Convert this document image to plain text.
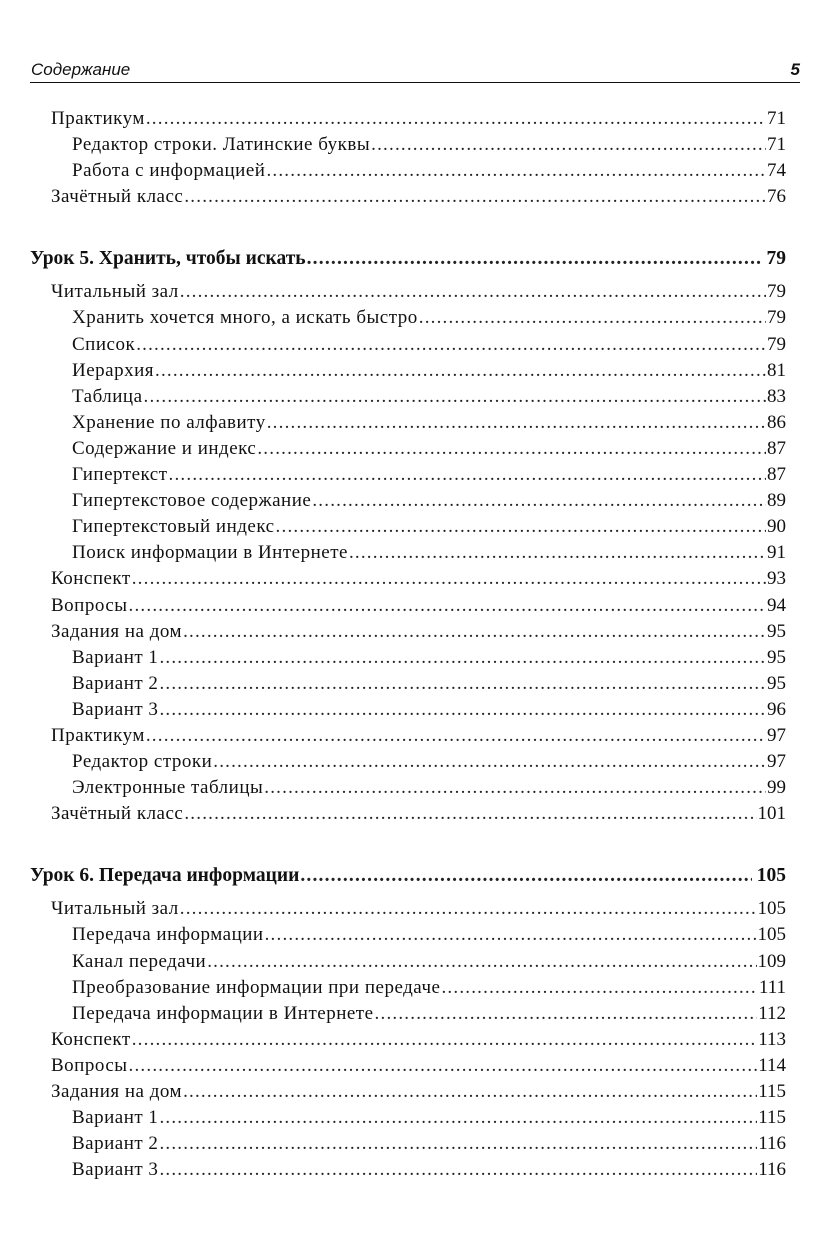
Содержание	5
Практикум .....	71
Редактор строки. Латинские буквы .....	71
Работа с информацией .....	74
Зачётный класс .....	76
Урок 5. Хранить, чтобы искать .....	79
Читальный зал .....	79
Хранить хочется много, а искать быстро .....	79
Список .....	79
Иерархия .....	81
Таблица .....	83
Хранение по алфавиту .....	86
Содержание и индекс .....	87
Гипертекст .....	87
Гипертекстовое содержание .....	89
Гипертекстовый индекс .....	90
Поиск информации в Интернете .....	91
Конспект .....	93
Вопросы .....	94
Задания на дом .....	95
Вариант 1 .....	95
Вариант 2 .....	95
Вариант 3 .....	96
Практикум .....	97
Редактор строки .....	97
Электронные таблицы .....	99
Зачётный класс .....	101
Урок 6. Передача информации .....	105
Читальный зал .....	105
Передача информации .....	105
Канал передачи .....	109
Преобразование информации при передаче .....	111
Передача информации в Интернете .....	112
Конспект .....	113
Вопросы .....	114
Задания на дом .....	115
Вариант 1 .....	115
Вариант 2 .....	116
Вариант 3 .....	116
